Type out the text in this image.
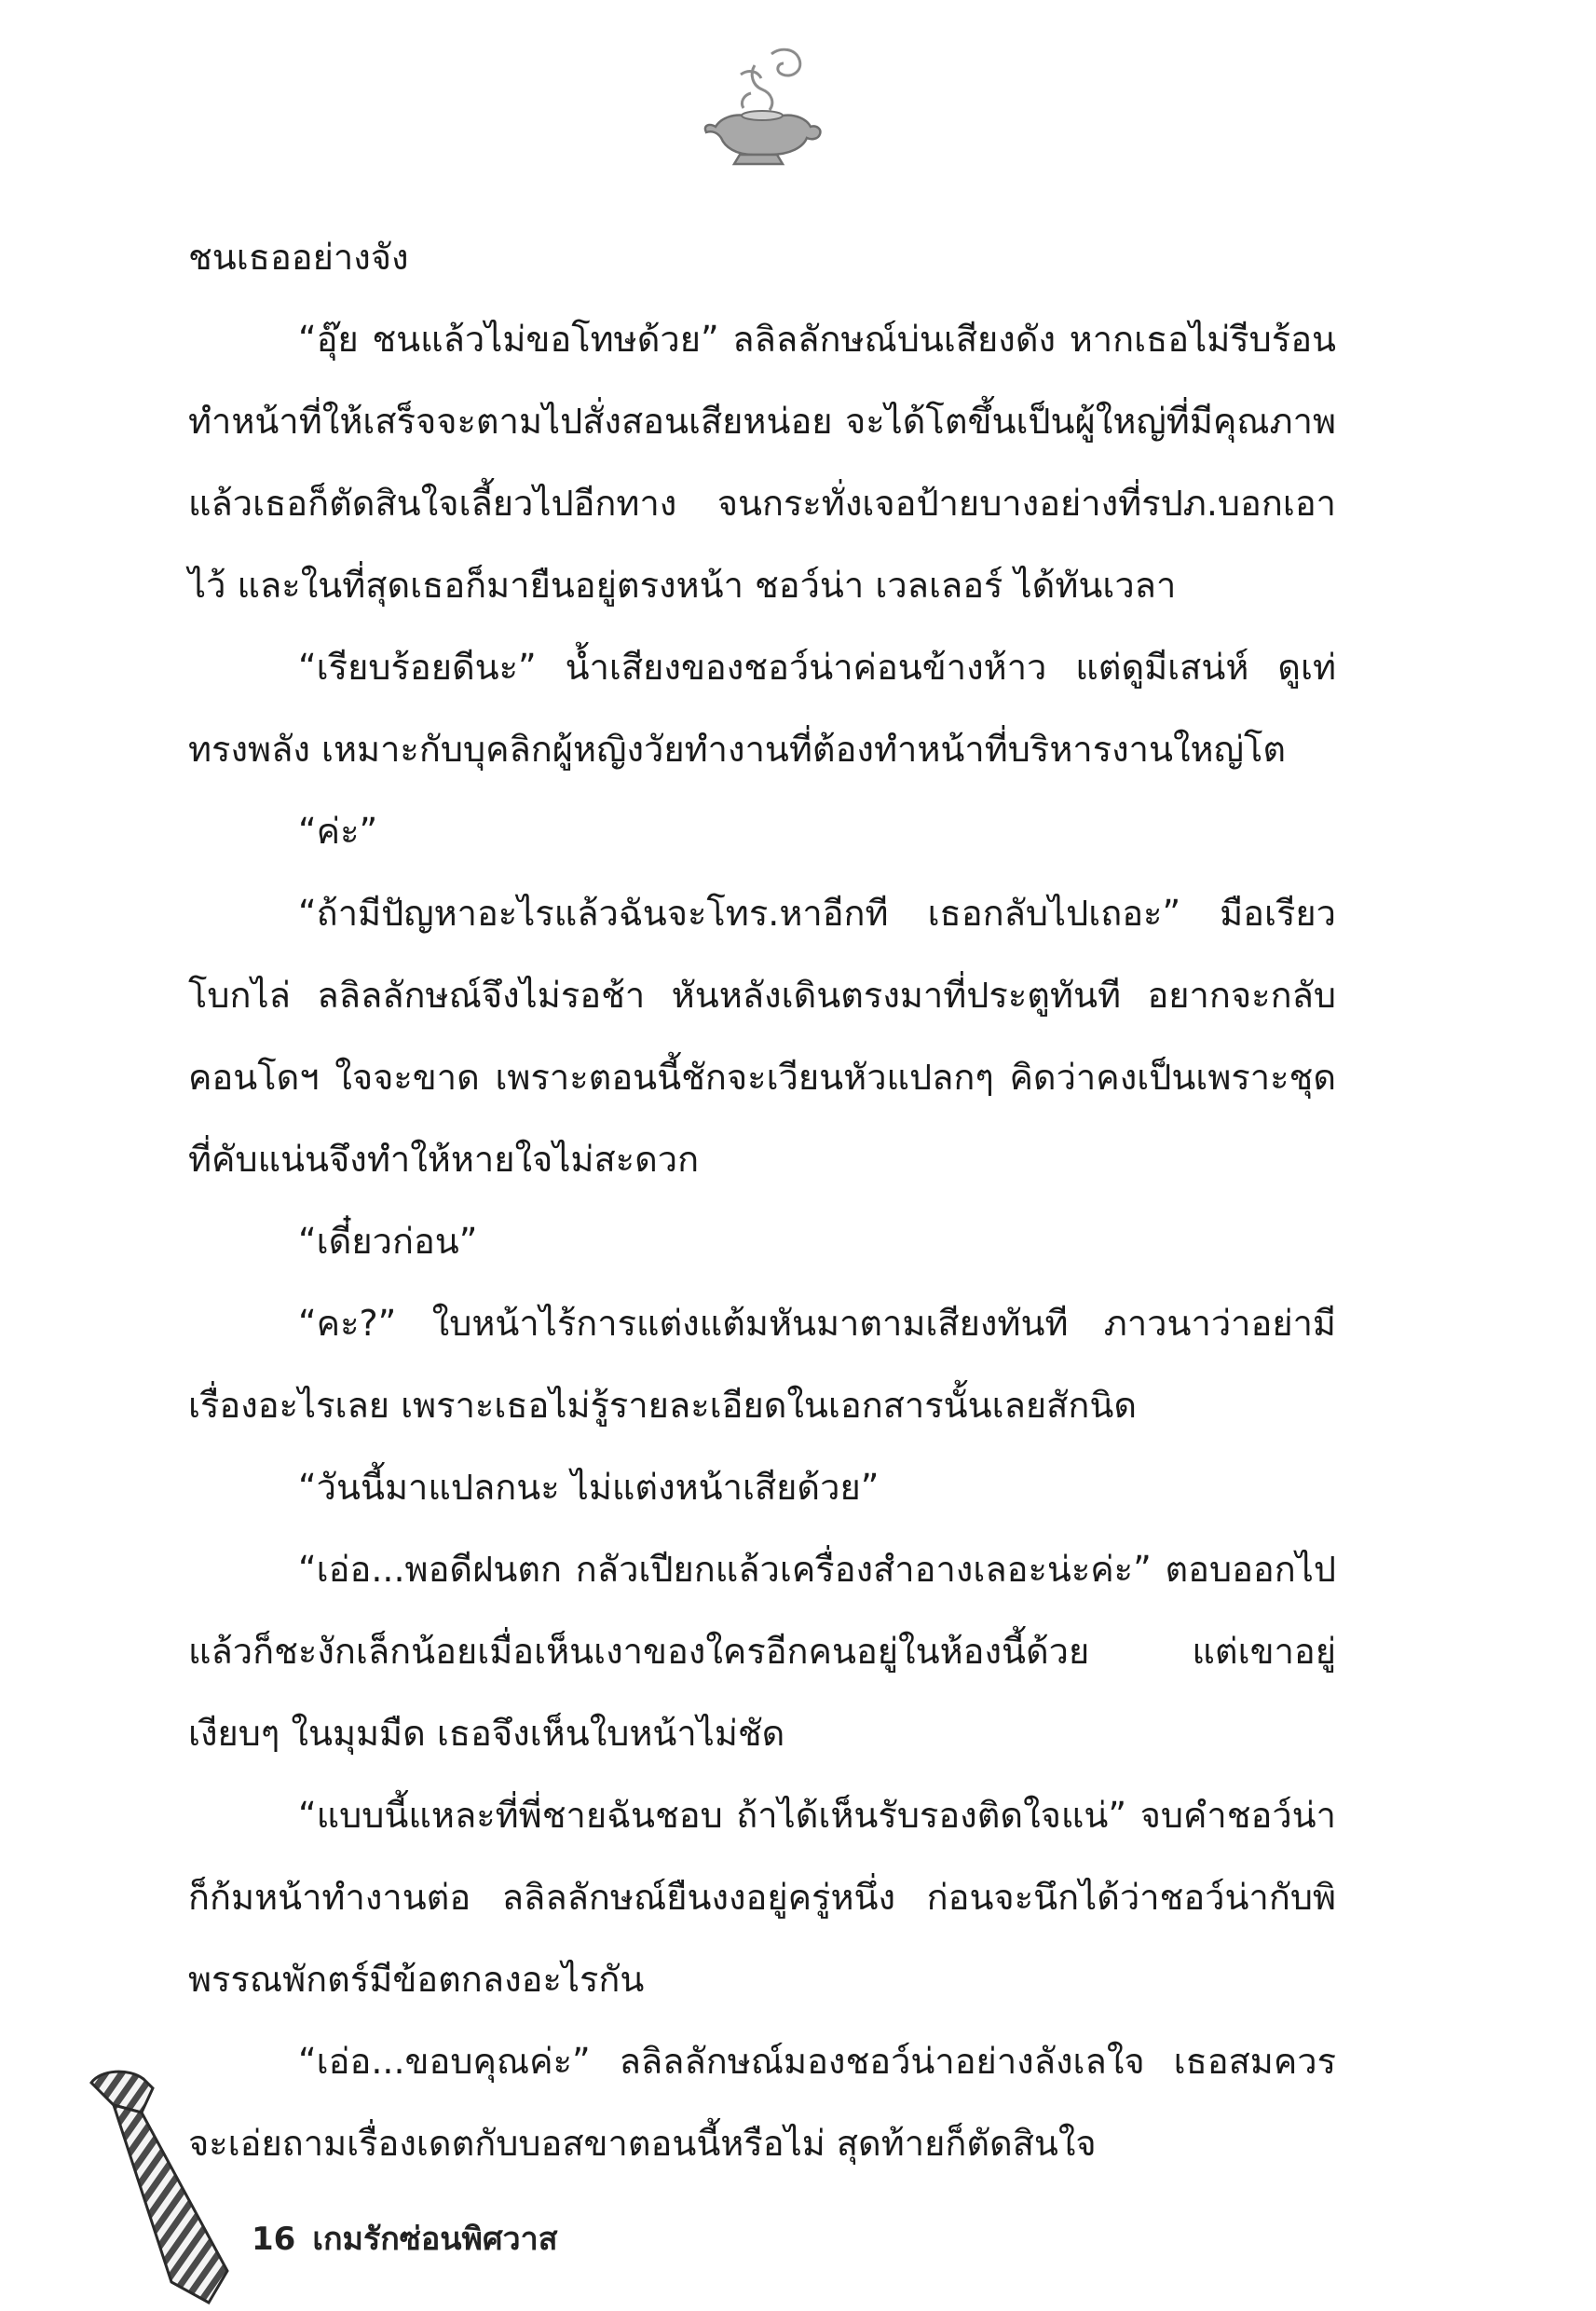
ชนเธออย่างจัง

“อุ๊ย ชนแล้วไม่ขอโทษด้วย” ลลิลลักษณ์บ่นเสียงดัง หากเธอไม่รีบร้อนทำหน้าที่ให้เสร็จจะตามไปสั่งสอนเสียหน่อย จะได้โตขึ้นเป็นผู้ใหญ่ที่มีคุณภาพ แล้วเธอก็ตัดสินใจเลี้ยวไปอีกทาง จนกระทั่งเจอป้ายบางอย่างที่รปภ.บอกเอาไว้ และในที่สุดเธอก็มายืนอยู่ตรงหน้า ชอว์น่า เวลเลอร์ ได้ทันเวลา

“เรียบร้อยดีนะ” น้ำเสียงของชอว์น่าค่อนข้างห้าว แต่ดูมีเสน่ห์ ดูเท่ ทรงพลัง เหมาะกับบุคลิกผู้หญิงวัยทำงานที่ต้องทำหน้าที่บริหารงานใหญ่โต

“ค่ะ”

“ถ้ามีปัญหาอะไรแล้วฉันจะโทร.หาอีกที เธอกลับไปเถอะ” มือเรียวโบกไล่ ลลิลลักษณ์จึงไม่รอช้า หันหลังเดินตรงมาที่ประตูทันที อยากจะกลับคอนโดฯ ใจจะขาด เพราะตอนนี้ชักจะเวียนหัวแปลกๆ คิดว่าคงเป็นเพราะชุดที่คับแน่นจึงทำให้หายใจไม่สะดวก

“เดี๋ยวก่อน”

“คะ?” ใบหน้าไร้การแต่งแต้มหันมาตามเสียงทันที ภาวนาว่าอย่ามีเรื่องอะไรเลย เพราะเธอไม่รู้รายละเอียดในเอกสารนั้นเลยสักนิด

“วันนี้มาแปลกนะ ไม่แต่งหน้าเสียด้วย”

“เอ่อ...พอดีฝนตก กลัวเปียกแล้วเครื่องสำอางเลอะน่ะค่ะ” ตอบออกไปแล้วก็ชะงักเล็กน้อยเมื่อเห็นเงาของใครอีกคนอยู่ในห้องนี้ด้วย แต่เขาอยู่เงียบๆ ในมุมมืด เธอจึงเห็นใบหน้าไม่ชัด

“แบบนี้แหละที่พี่ชายฉันชอบ ถ้าได้เห็นรับรองติดใจแน่” จบคำชอว์น่าก็ก้มหน้าทำงานต่อ ลลิลลักษณ์ยืนงงอยู่ครู่หนึ่ง ก่อนจะนึกได้ว่าชอว์น่ากับพิพรรณพักตร์มีข้อตกลงอะไรกัน

“เอ่อ...ขอบคุณค่ะ” ลลิลลักษณ์มองชอว์น่าอย่างลังเลใจ เธอสมควรจะเอ่ยถามเรื่องเดตกับบอสขาตอนนี้หรือไม่ สุดท้ายก็ตัดสินใจ

16 เกมรักซ่อนพิศวาส
